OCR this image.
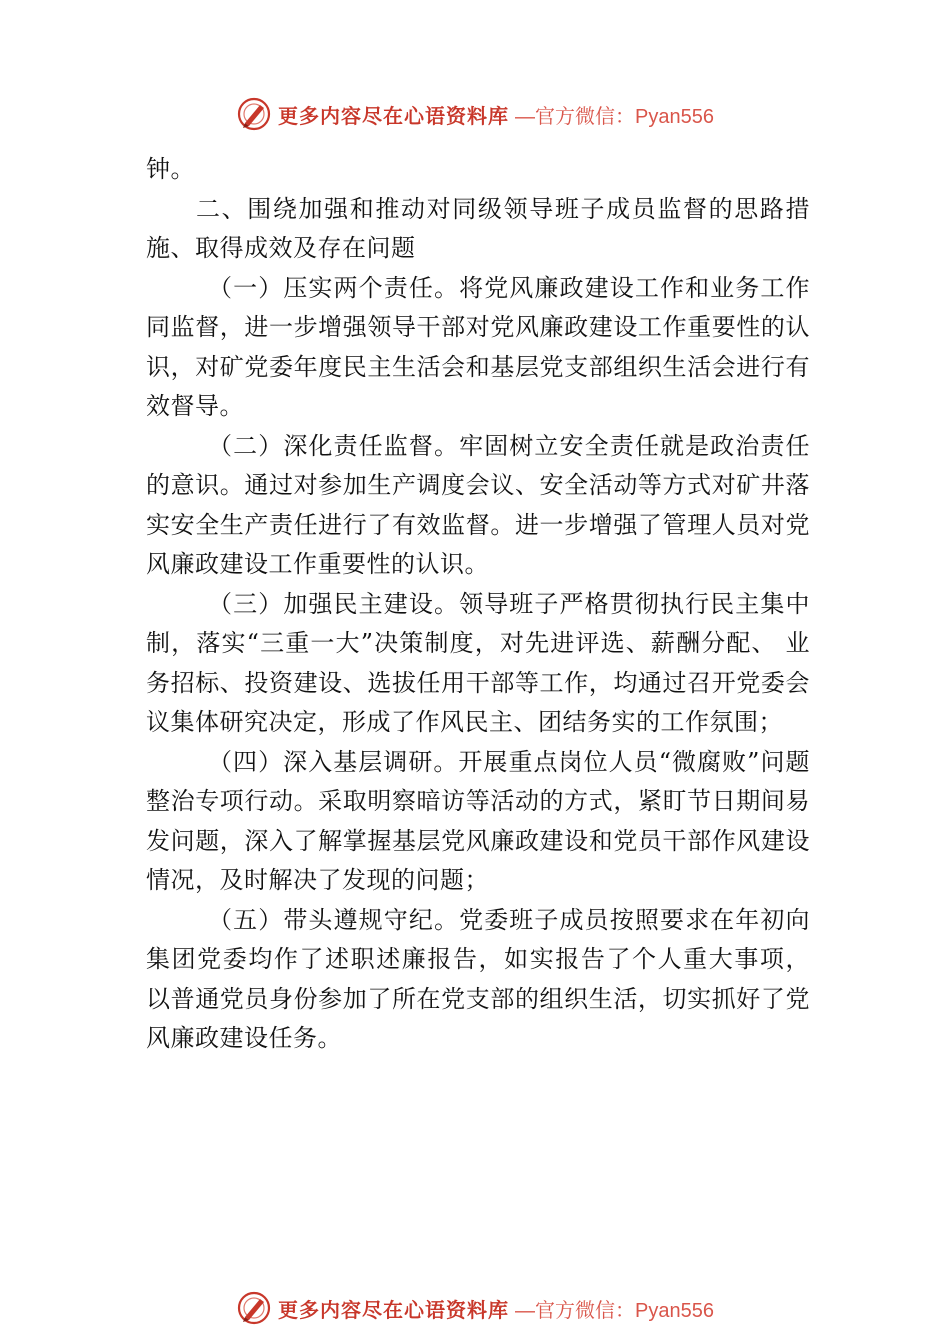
更多内容尽在心语资料库 —官方微信：Pyan556

钟。

二、围绕加强和推动对同级领导班子成员监督的思路措施、取得成效及存在问题

（一）压实两个责任。将党风廉政建设工作和业务工作同监督，进一步增强领导干部对党风廉政建设工作重要性的认识，对矿党委年度民主生活会和基层党支部组织生活会进行有效督导。

（二）深化责任监督。牢固树立安全责任就是政治责任的意识。通过对参加生产调度会议、安全活动等方式对矿井落实安全生产责任进行了有效监督。进一步增强了管理人员对党风廉政建设工作重要性的认识。

（三）加强民主建设。领导班子严格贯彻执行民主集中制，落实“三重一大”决策制度，对先进评选、薪酬分配、 业务招标、投资建设、选拔任用干部等工作，均通过召开党委会议集体研究决定，形成了作风民主、团结务实的工作氛围；

（四）深入基层调研。开展重点岗位人员“微腐败”问题整治专项行动。采取明察暗访等活动的方式，紧盯节日期间易发问题，深入了解掌握基层党风廉政建设和党员干部作风建设情况，及时解决了发现的问题；

（五）带头遵规守纪。党委班子成员按照要求在年初向集团党委均作了述职述廉报告，如实报告了个人重大事项， 以普通党员身份参加了所在党支部的组织生活，切实抓好了党风廉政建设任务。

更多内容尽在心语资料库 —官方微信：Pyan556
